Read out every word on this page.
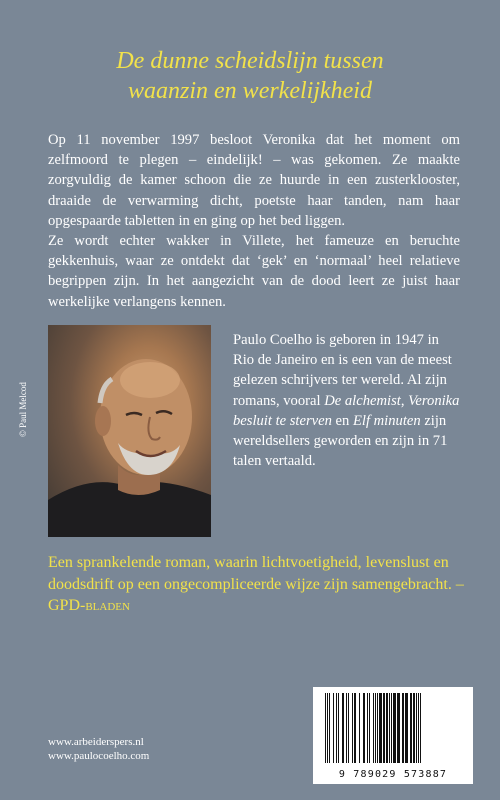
De dunne scheidslijn tussen
waanzin en werkelijkheid

Op 11 november 1997 besloot Veronika dat het moment om zelfmoord te plegen – eindelijk! – was gekomen. Ze maakte zorgvuldig de kamer schoon die ze huurde in een zusterklooster, draaide de verwarming dicht, poetste haar tanden, nam haar opgespaarde tabletten in en ging op het bed liggen.

Ze wordt echter wakker in Villete, het fameuze en beruchte gekkenhuis, waar ze ontdekt dat ‘gek’ en ‘normaal’ heel relatieve begrippen zijn. In het aangezicht van de dood leert ze juist haar werkelijke verlangens kennen.

© Paul Melcod
Paulo Coelho is geboren in 1947 in Rio de Janeiro en is een van de meest gelezen schrijvers ter wereld. Al zijn romans, vooral De alchemist, Veronika besluit te sterven en Elf minuten zijn wereldsellers geworden en zijn in 71 talen vertaald.
Een sprankelende roman, waarin lichtvoetigheid, levenslust en doodsdrift op een ongecompliceerde wijze zijn samengebracht. – GPD-bladen
www.arbeiderspers.nl
www.paulocoelho.com
9 789029 573887
